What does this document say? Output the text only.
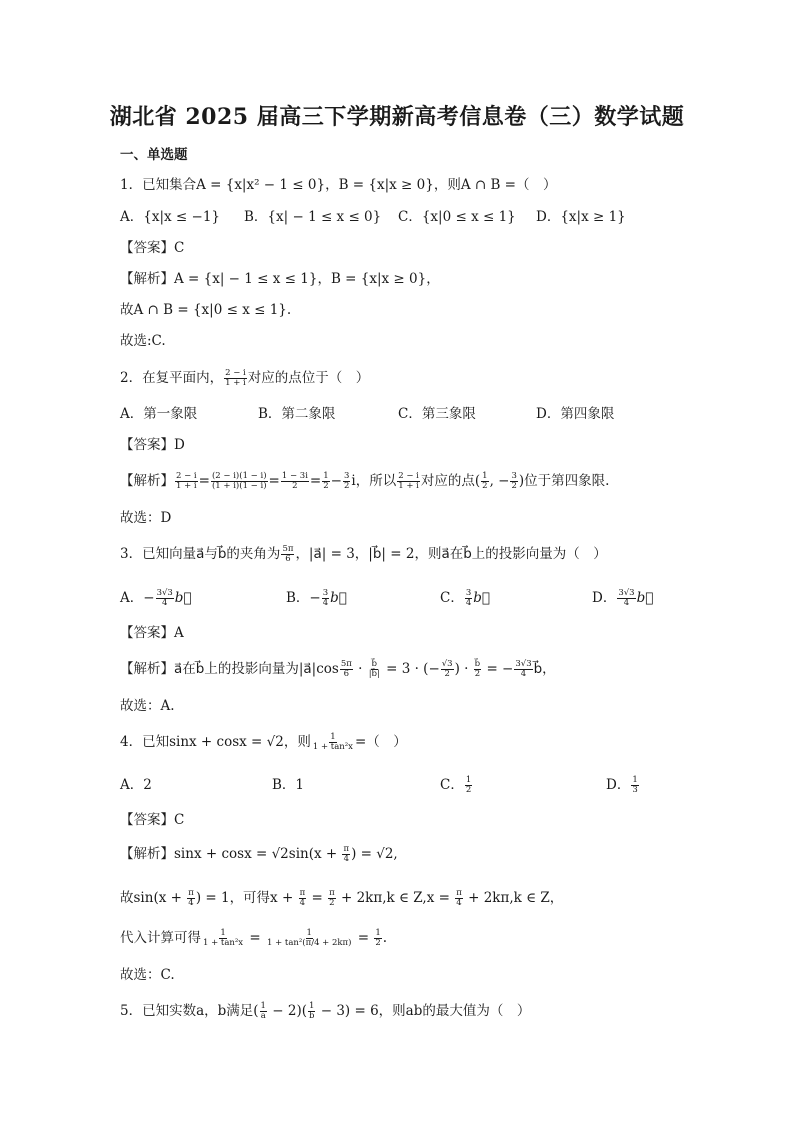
湖北省 2025 届高三下学期新高考信息卷（三）数学试题
一、单选题
1．已知集合A = {x|x² − 1 ≤ 0}，B = {x|x ≥ 0}，则A ∩ B =（　）
A．{x|x ≤ −1} B．{x| − 1 ≤ x ≤ 0} C．{x|0 ≤ x ≤ 1} D．{x|x ≥ 1}
【答案】C
【解析】A = {x| − 1 ≤ x ≤ 1}，B = {x|x ≥ 0}，
故A ∩ B = {x|0 ≤ x ≤ 1}.
故选:C.
2．在复平面内， $\frac{2 - i}{1 + i}$ 对应的点位于（　）
A．第一象限	B．第二象限	C．第三象限	D．第四象限
【答案】D
【解析】 $\frac{2 - i}{1 + i} = \frac{(2 - i)(1 - i)}{(1 + i)(1 - i)} = \frac{1 - 3i}{2} = \frac{1}{2} - \frac{3}{2}$ i，所以 $\frac{2 - i}{1 + i}$ 对应的点( $\frac{1}{2}$ , − $\frac{3}{2}$ )位于第四象限.
故选：D
3．已知向量a⃗与b⃗的夹角为 $\frac{5\pi}{6}$ ，|a⃗| = 3，|b⃗| = 2，则a⃗在b⃗上的投影向量为（　）
A．− $\frac{3√3}{4}$ b⃗	B．− $\frac{3}{4}$ b⃗	C． $\frac{3}{4}$ b⃗	D． $\frac{3√3}{4}$ b⃗
【答案】A
【解析】a⃗在b⃗上的投影向量为|a⃗|cos $\frac{5\pi}{6} \cdot \frac{b⃗}{|b⃗|} = 3$ · (− $\frac{√3}{2}$ ) · $\frac{b⃗}{2}$ = − $\frac{3√3}{4}$ b⃗，
故选：A.
4．已知sinx + cosx = √2，则 $\frac{1}{\text{1 + tan²x}}$ =（　）
A．2	B．1	C． $\frac{1}{2}$	D． $\frac{1}{3}$
【答案】C
【解析】$\sin x + \cos x = √2\sin(x + \frac{\pi}{4}$ ) = √2,
故$\sin(x + \frac{\pi}{4}$ ) = 1，可得$x + \frac{\pi}{4} = \frac{\pi}{2} + 2k\pi,k$ ∈ $Z,x = \frac{\pi}{4} + 2k\pi,k$ ∈ Z，
代入计算可得 $\frac{1}{\text{1 + tan²x}} = \frac{1}{\text{1 + tan²(π/4 + 2kπ)}} = \frac{1}{2}$ .
故选：C.
5．已知实数a，b满足( $\frac{1}{a} - 2)( \frac{1}{b} - 3) = 6$，则ab的最大值为（　）
